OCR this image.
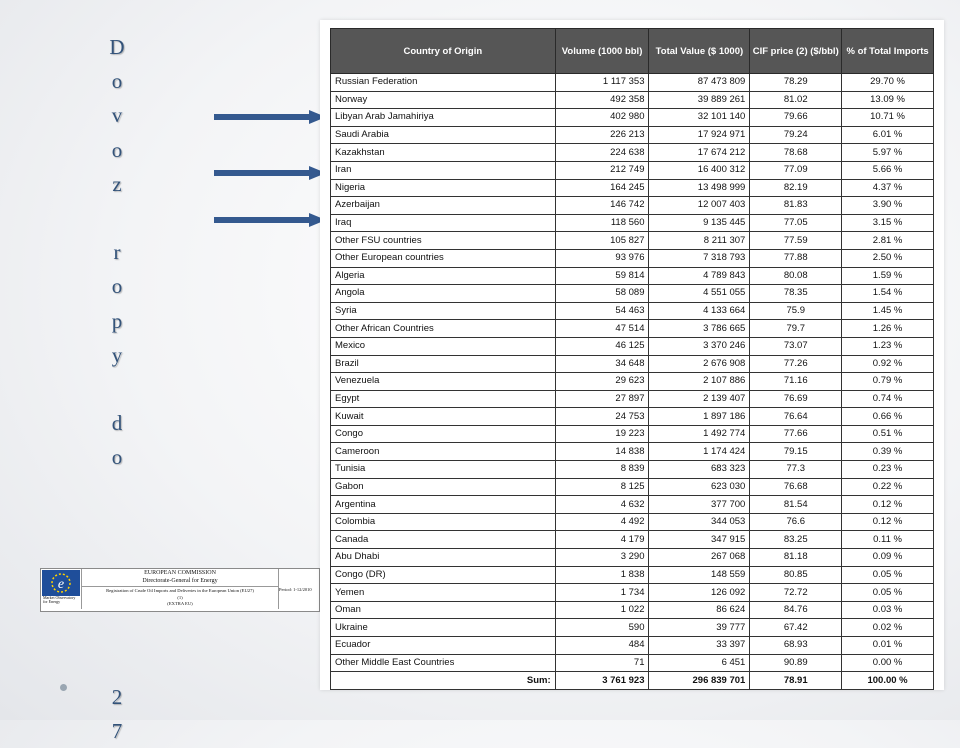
D
o
v
o
z
r
o
p
y
d
o
2
7
e
Market Observatory for Energy
EUROPEAN COMMISSION
Directorate-General for Energy
Registration of Crude Oil Imports and Deliveries in the European Union (EU27)
(1)
(EXTRA EU)
Period: 1-12/2010
Country of Origin	Volume (1000 bbl)	Total Value ($ 1000)	CIF price (2) ($/bbl)	% of Total Imports
Russian Federation	1 117 353	87 473 809	78.29	29.70 %
Norway	492 358	39 889 261	81.02	13.09 %
Libyan Arab Jamahiriya	402 980	32 101 140	79.66	10.71 %
Saudi Arabia	226 213	17 924 971	79.24	6.01 %
Kazakhstan	224 638	17 674 212	78.68	5.97 %
Iran	212 749	16 400 312	77.09	5.66 %
Nigeria	164 245	13 498 999	82.19	4.37 %
Azerbaijan	146 742	12 007 403	81.83	3.90 %
Iraq	118 560	9 135 445	77.05	3.15 %
Other FSU countries	105 827	8 211 307	77.59	2.81 %
Other European countries	93 976	7 318 793	77.88	2.50 %
Algeria	59 814	4 789 843	80.08	1.59 %
Angola	58 089	4 551 055	78.35	1.54 %
Syria	54 463	4 133 664	75.9	1.45 %
Other African Countries	47 514	3 786 665	79.7	1.26 %
Mexico	46 125	3 370 246	73.07	1.23 %
Brazil	34 648	2 676 908	77.26	0.92 %
Venezuela	29 623	2 107 886	71.16	0.79 %
Egypt	27 897	2 139 407	76.69	0.74 %
Kuwait	24 753	1 897 186	76.64	0.66 %
Congo	19 223	1 492 774	77.66	0.51 %
Cameroon	14 838	1 174 424	79.15	0.39 %
Tunisia	8 839	683 323	77.3	0.23 %
Gabon	8 125	623 030	76.68	0.22 %
Argentina	4 632	377 700	81.54	0.12 %
Colombia	4 492	344 053	76.6	0.12 %
Canada	4 179	347 915	83.25	0.11 %
Abu Dhabi	3 290	267 068	81.18	0.09 %
Congo (DR)	1 838	148 559	80.85	0.05 %
Yemen	1 734	126 092	72.72	0.05 %
Oman	1 022	86 624	84.76	0.03 %
Ukraine	590	39 777	67.42	0.02 %
Ecuador	484	33 397	68.93	0.01 %
Other Middle East Countries	71	6 451	90.89	0.00 %
Sum:	3 761 923	296 839 701	78.91	100.00 %
